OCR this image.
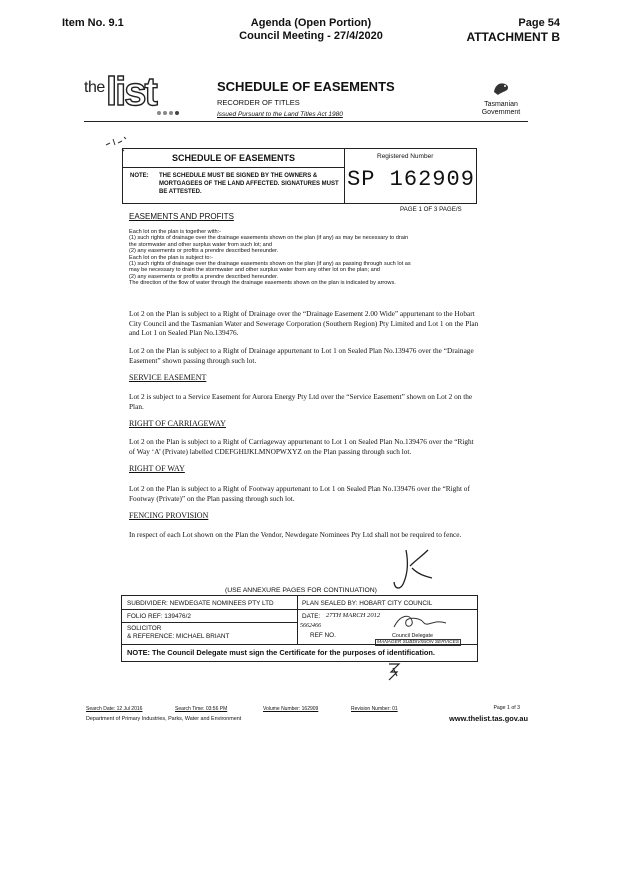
Item No. 9.1	Agenda (Open Portion)
Council Meeting - 27/4/2020
Page 54
ATTACHMENT B
the list	SCHEDULE OF EASEMENTS
RECORDER OF TITLES
Issued Pursuant to the Land Titles Act 1980
Tasmanian
Government
SCHEDULE OF EASEMENTS
NOTE: THE SCHEDULE MUST BE SIGNED BY THE OWNERS & MORTGAGEES OF THE LAND AFFECTED. SIGNATURES MUST BE ATTESTED.
Registered Number
SP 162909
PAGE 1 OF 3 PAGE/S
EASEMENTS AND PROFITS
Each lot on the plan is together with:-
(1) such rights of drainage over the drainage easements shown on the plan (if any) as may be necessary to drain
the stormwater and other surplus water from such lot; and
(2) any easements or profits a prendre described hereunder.
Each lot on the plan is subject to:-
(1) such rights of drainage over the drainage easements shown on the plan (if any) as passing through such lot as
may be necessary to drain the stormwater and other surplus water from any other lot on the plan; and
(2) any easements or profits a prendre described hereunder.
The direction of the flow of water through the drainage easements shown on the plan is indicated by arrows.
Lot 2 on the Plan is subject to a Right of Drainage over the “Drainage Easement 2.00 Wide” appurtenant to the Hobart City Council and the Tasmanian Water and Sewerage Corporation (Southern Region) Pty Limited and Lot 1 on the Plan and Lot 1 on Sealed Plan No.139476.
Lot 2 on the Plan is subject to a Right of Drainage appurtenant to Lot 1 on Sealed Plan No.139476 over the “Drainage Easement” shown passing through such lot.
SERVICE EASEMENT
Lot 2 is subject to a Service Easement for Aurora Energy Pty Ltd over the “Service Easement” shown on Lot 2 on the Plan.
RIGHT OF CARRIAGEWAY
Lot 2 on the Plan is subject to a Right of Carriageway appurtenant to Lot 1 on Sealed Plan No.139476 over the “Right of Way ‘A’ (Private) labelled CDEFGHIJKLMNOPWXYZ on the Plan passing through such lot.
RIGHT OF WAY
Lot 2 on the Plan is subject to a Right of Footway appurtenant to Lot 1 on Sealed Plan No.139476 over the “Right of Footway (Private)” on the Plan passing through such lot.
FENCING PROVISION
In respect of each Lot shown on the Plan the Vendor, Newdegate Nominees Pty Ltd shall not be required to fence.
(USE ANNEXURE PAGES FOR CONTINUATION)
SUBDIVIDER: NEWDEGATE NOMINEES PTY LTD
FOLIO REF: 139476/2
SOLICITOR
& REFERENCE: MICHAEL BRIANT
PLAN SEALED BY: HOBART CITY COUNCIL
DATE: 27TH MARCH 2012
5662466
REF NO.	Council Delegate
MANAGER SUBDIVISION SERVICES
NOTE: The Council Delegate must sign the Certificate for the purposes of identification.
Search Date: 12 Jul 2016	Search Time: 03:56 PM	Volume Number: 162909	Revision Number: 01	Page 1 of 3
Department of Primary Industries, Parks, Water and Environment	www.thelist.tas.gov.au
